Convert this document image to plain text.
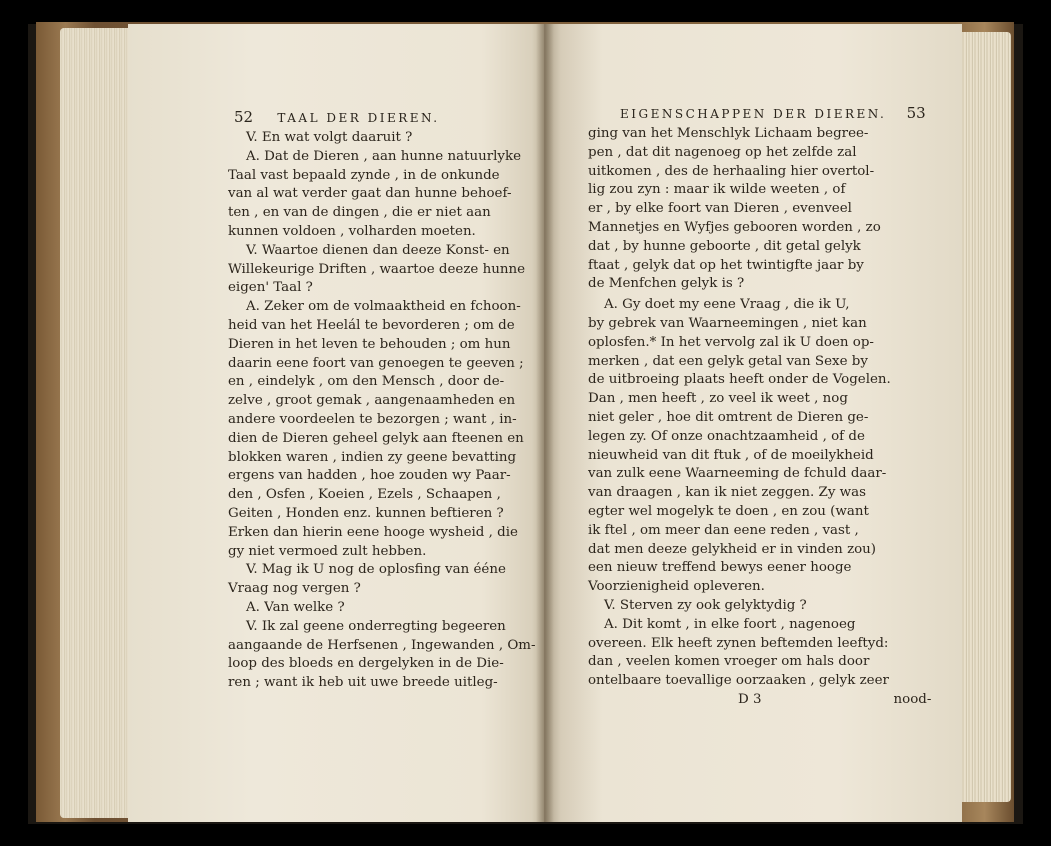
52 TAAL DER DIEREN.
V. En wat volgt daaruit ?
A. Dat de Dieren , aan hunne natuurlyke
Taal vast bepaald zynde , in de onkunde
van al wat verder gaat dan hunne behoef-
ten , en van de dingen , die er niet aan
kunnen voldoen , volharden moeten.
V. Waartoe dienen dan deeze Konst- en
Willekeurige Driften , waartoe deeze hunne
eigen' Taal ?
A. Zeker om de volmaaktheid en fchoon-
heid van het Heelál te bevorderen ; om de
Dieren in het leven te behouden ; om hun
daarin eene foort van genoegen te geeven ;
en , eindelyk , om den Mensch , door de-
zelve , groot gemak , aangenaamheden en
andere voordeelen te bezorgen ; want , in-
dien de Dieren geheel gelyk aan fteenen en
blokken waren , indien zy geene bevatting
ergens van hadden , hoe zouden wy Paar-
den , Osfen , Koeien , Ezels , Schaapen ,
Geiten , Honden enz. kunnen beftieren ?
Erken dan hierin eene hooge wysheid , die
gy niet vermoed zult hebben.
V. Mag ik U nog de oplosfing van ééne
Vraag nog vergen ?
A. Van welke ?
V. Ik zal geene onderregting begeeren
aangaande de Herfsenen , Ingewanden , Om-
loop des bloeds en dergelyken in de Die-
ren ; want ik heb uit uwe breede uitleg-
EIGENSCHAPPEN DER DIEREN. 53
ging van het Menschlyk Lichaam begree-
pen , dat dit nagenoeg op het zelfde zal
uitkomen , des de herhaaling hier overtol-
lig zou zyn : maar ik wilde weeten , of
er , by elke foort van Dieren , evenveel
Mannetjes en Wyfjes gebooren worden , zo
dat , by hunne geboorte , dit getal gelyk
ftaat , gelyk dat op het twintigfte jaar by
de Menfchen gelyk is ?
A. Gy doet my eene Vraag , die ik U,
by gebrek van Waarneemingen , niet kan
oplosfen.* In het vervolg zal ik U doen op-
merken , dat een gelyk getal van Sexe by
de uitbroeing plaats heeft onder de Vogelen.
Dan , men heeft , zo veel ik weet , nog
niet geler , hoe dit omtrent de Dieren ge-
legen zy. Of onze onachtzaamheid , of de
nieuwheid van dit ftuk , of de moeilykheid
van zulk eene Waarneeming de fchuld daar-
van draagen , kan ik niet zeggen. Zy was
egter wel mogelyk te doen , en zou (want
ik ftel , om meer dan eene reden , vast ,
dat men deeze gelykheid er in vinden zou)
een nieuw treffend bewys eener hooge
Voorzienigheid opleveren.
V. Sterven zy ook gelyktydig ?
A. Dit komt , in elke foort , nagenoeg
overeen. Elk heeft zynen beftemden leeftyd:
dan , veelen komen vroeger om hals door
ontelbaare toevallige oorzaaken , gelyk zeer
D 3	nood-
